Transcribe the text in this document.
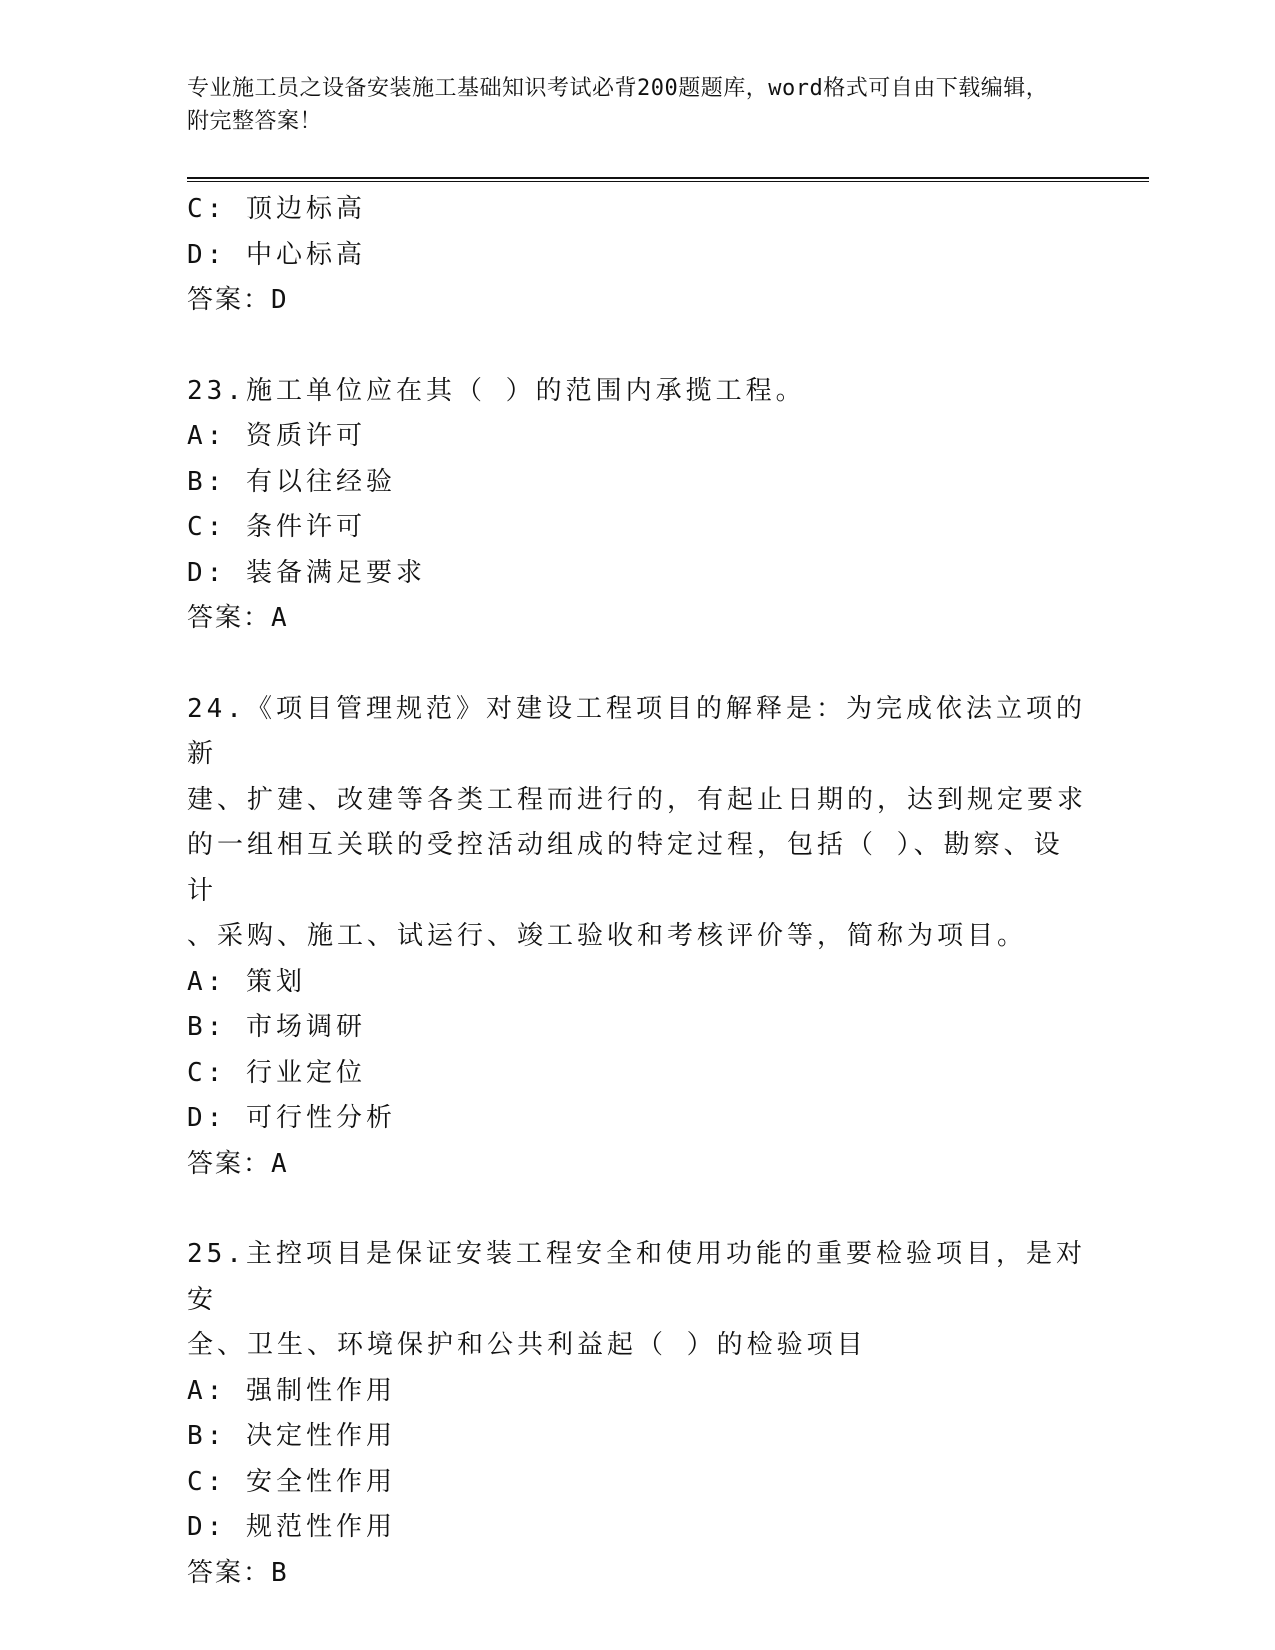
专业施工员之设备安装施工基础知识考试必背200题题库，word格式可自由下载编辑，附完整答案！
C: 顶边标高
D: 中心标高
答案：D
23.施工单位应在其（ ）的范围内承揽工程。
A: 资质许可
B: 有以往经验
C: 条件许可
D: 装备满足要求
答案：A
24.《项目管理规范》对建设工程项目的解释是：为完成依法立项的新
建、扩建、改建等各类工程而进行的，有起止日期的，达到规定要求
的一组相互关联的受控活动组成的特定过程，包括（ ）、勘察、设计
、采购、施工、试运行、竣工验收和考核评价等，简称为项目。
A: 策划
B: 市场调研
C: 行业定位
D: 可行性分析
答案：A
25.主控项目是保证安装工程安全和使用功能的重要检验项目，是对安
全、卫生、环境保护和公共利益起（ ）的检验项目
A: 强制性作用
B: 决定性作用
C: 安全性作用
D: 规范性作用
答案：B
